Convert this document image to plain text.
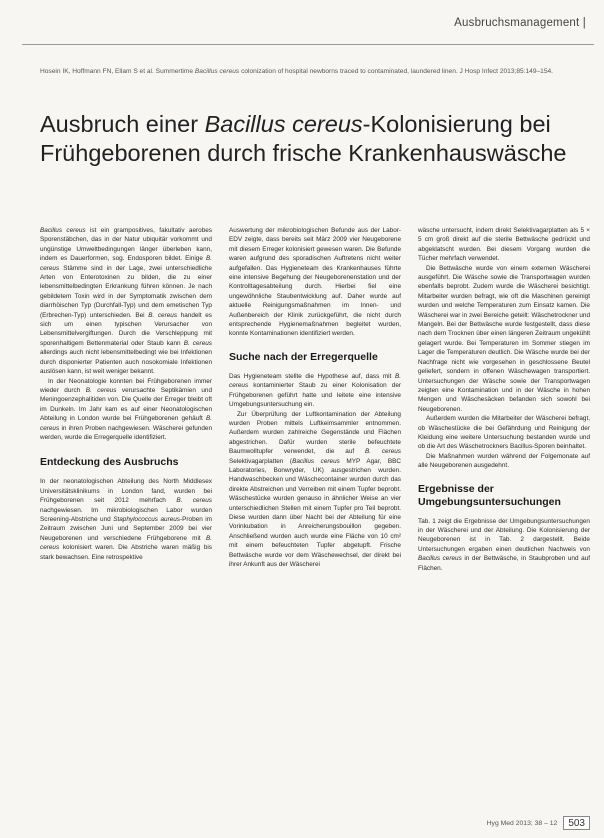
Ausbruchsmanagement |
Hosein IK, Hoffmann FN, Ellam S et al. Summertime Bacillus cereus colonization of hospital newborns traced to contaminated, laundered linen. J Hosp Infect 2013;85:149–154.
Ausbruch einer Bacillus cereus-Kolonisierung bei Frühgeborenen durch frische Krankenhauswäsche

Bacillus cereus ist ein grampositives, fakultativ aerobes Sporenstäbchen, das in der Natur ubiquitär vorkommt und ungünstige Umweltbedingungen länger überleben kann, indem es Dauerformen, sog. Endosporen bildet. Einige B. cereus Stämme sind in der Lage, zwei unterschiedliche Arten von Enterotoxinen zu bilden, die zu einer lebensmittelbedingten Erkrankung führen können. Je nach gebildetem Toxin wird in der Symptomatik zwischen dem diarrhöischen Typ (Durchfall-Typ) und dem emetischen Typ (Erbrechen-Typ) unterschieden. Bei B. cereus handelt es sich um einen typischen Verursacher von Lebensmittelvergiftungen. Durch die Verschleppung mit sporenhaltigem Bettenmaterial oder Staub kann B. cereus allerdings auch nicht lebensmittelbedingt wie bei Infektionen durch disponierter Patienten auch nosokomiale Infektionen auslösen kann, ist weit weniger bekannt.

In der Neonatologie konnten bei Frühgeborenen immer wieder durch B. cereus verursachte Septikämien und Meningoenzephalitiden von. Die Quelle der Erreger bleibt oft im Dunkeln. Im Jahr kam es auf einer Neonatologischen Abteilung in London wurde bei Frühgeborenen gehäuft B. cereus in ihren Proben nachgewiesen. Wäscherei gefunden werden, wurde die Erregerquelle identifiziert.

Entdeckung des Ausbruchs

In der neonatologischen Abteilung des North Middlesex Universitätsklinikums in London fand, wurden bei Frühgeborenen seit 2012 mehrfach B. cereus nachgewiesen. Im mikrobiologischen Labor wurden Screening-Abstriche und Staphylococcus aureus-Proben im Zeitraum zwischen Juni und September 2009 bei vier Neugeborenen und verschiedene Frühgeborene mit B. cereus kolonisiert waren. Die Abstriche waren mäßig bis stark bewachsen. Eine retrospektive

Auswertung der mikrobiologischen Befunde aus der Labor-EDV zeigte, dass bereits seit März 2009 vier Neugeborene mit diesem Erreger kolonisiert gewesen waren. Die Befunde waren aufgrund des sporadischen Auftretens nicht weiter aufgefallen. Das Hygieneteam des Krankenhauses führte eine intensive Begehung der Neugeborenenstation und der Kontrolltagesabteilung durch. Hierbei fiel eine ungewöhnliche Staubentwicklung auf. Daher wurde auf aktuelle Reinigungsmaßnahmen im Innen- und Außenbereich der Klinik zurückgeführt, die nicht durch entsprechende Hygienemaßnahmen begleitet wurden, konnte Kontaminationen identifiziert werden.

Suche nach der Erregerquelle

Das Hygieneteam stellte die Hypothese auf, dass mit B. cereus kontaminierter Staub zu einer Kolonisation der Frühgeborenen geführt hatte und leitete eine intensive Umgebungsuntersuchung ein.

Zur Überprüfung der Luftkontamination der Abteilung wurden Proben mittels Luftkeimsammler entnommen. Außerdem wurden zahlreiche Gegenstände und Flächen abgestrichen. Dafür wurden sterile befeuchtete Baumwolltupfer verwendet, die auf B. cereus Selektivagarplatten (Bacillus cereus MYP Agar, BBC Laboratories, Bonwryder, UK) ausgestrichen wurden. Handwaschbecken und Wäschecontainer wurden durch das direkte Abstreichen und Verreiben mit einem Tupfer beprobt. Wäschestücke wurden genauso in ähnlicher Weise an vier unterschiedlichen Stellen mit einem Tupfer pro Teil beprobt. Diese wurden dann über Nacht bei der Abteilung für eine Vorinkubation in Anreicherungsbouillon gegeben. Anschließend wurden auch wurde eine Fläche von 10 cm² mit einem befeuchteten Tupfer abgetupft. Frische Bettwäsche wurde vor dem Wäschewechsel, der direkt bei ihrer Ankunft aus der Wäscherei

wäsche untersucht, indem direkt Selektivagarplatten als 5 × 5 cm groß direkt auf die sterile Bettwäsche gedrückt und abgeklatscht wurden. Bei diesem Vorgang wurden die Tücher mehrfach verwendet.

Die Bettwäsche wurde von einem externen Wäscherei ausgeführt. Die Wäsche sowie die Transportwagen wurden ebenfalls beprobt. Zudem wurde die Wäscherei besichtigt. Mitarbeiter wurden befragt, wie oft die Maschinen gereinigt wurden und welche Temperaturen zum Einsatz kamen. Die Wäscherei war in zwei Bereiche geteilt: Wäschetrockner und Mangeln. Bei der Bettwäsche wurde festgestellt, dass diese nach dem Trocknen über einen längeren Zeitraum ungekühlt gelagert wurde. Bei Temperaturen im Sommer stiegen im Lager die Temperaturen deutlich. Die Wäsche wurde bei der Nachfrage nicht wie vorgesehen in geschlossene Beutel geliefert, sondern in offenen Wäschewagen transportiert. Untersuchungen der Wäsche sowie der Transportwagen zeigten eine Kontamination und in der Wäsche in hohen Mengen und Wäschesäcken befanden sich sowohl bei Neugeborenen.

Außerdem wurden die Mitarbeiter der Wäscherei befragt, ob Wäschestücke die bei Gefährdung und Reinigung der Kleidung eine weitere Untersuchung bestanden wurde und ob die Art des Wäschetrockners Bacillus-Sporen beinhaltet.

Die Maßnahmen wurden während der Folgemonate auf alle Neugeborenen ausgedehnt.

Ergebnisse der Umgebungsuntersuchungen

Tab. 1 zeigt die Ergebnisse der Umgebungsuntersuchungen in der Wäscherei und der Abteilung. Die Kolonisierung der Neugeborenen ist in Tab. 2 dargestellt. Beide Untersuchungen ergaben einen deutlichen Nachweis von Bacillus cereus in der Bettwäsche, in Staubproben und auf Flächen.

Hyg Med 2013; 38 – 12	503
